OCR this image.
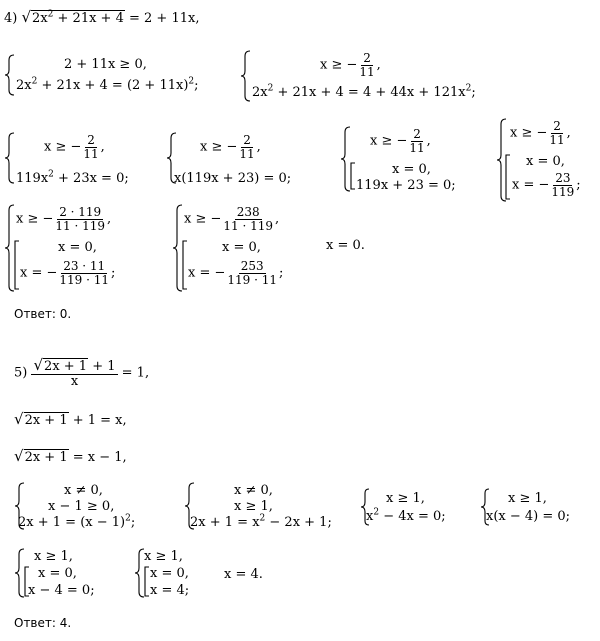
4) $√2x^2 + 21x + 4 = 2 + 11x$,
2 + 11x ≥ 0,
$2x^2 + 21x + 4 = (2 + 11x)^2$;
x ≥ − $\frac{2}{11}$ ,
$2x^2 + 21x + 4 = 4 + 44x + 121x^2$;
x ≥ − $\frac{2}{11}$ ,
$119x^2 + 23x = 0$;
x ≥ − $\frac{2}{11}$ ,
x(119x + 23) = 0;
x ≥ − $\frac{2}{11}$ ,
x = 0,
119x + 23 = 0;
x ≥ − $\frac{2}{11}$ ,
x = 0,
x = − $\frac{23}{119}$ ;
x ≥ − $\frac{2 \cdot 119}{11 \cdot 119}$ ,
x = 0,
x = − $\frac{23 \cdot 11}{119 \cdot 11}$ ;
x ≥ − $\frac{238}{11 \cdot 119}$ ,
x = 0,
x = − $\frac{253}{119 \cdot 11}$ ;
x = 0.
Ответ: 0.
$5) \frac{√2x + 1 + 1}{x} = 1$,
√2x + 1 + 1 = x,
√2x + 1 = x − 1,
x ≠ 0,
x − 1 ≥ 0,
$2x + 1 = (x - 1)^2$;
x ≠ 0,
x ≥ 1,
$2x + 1 = x^2 - 2x + 1$;
x ≥ 1,
$x^2 - 4x = 0$;
x ≥ 1,
x(x − 4) = 0;
x ≥ 1,
x = 0,
x − 4 = 0;
x ≥ 1,
x = 0,
x = 4;
x = 4.
Ответ: 4.
